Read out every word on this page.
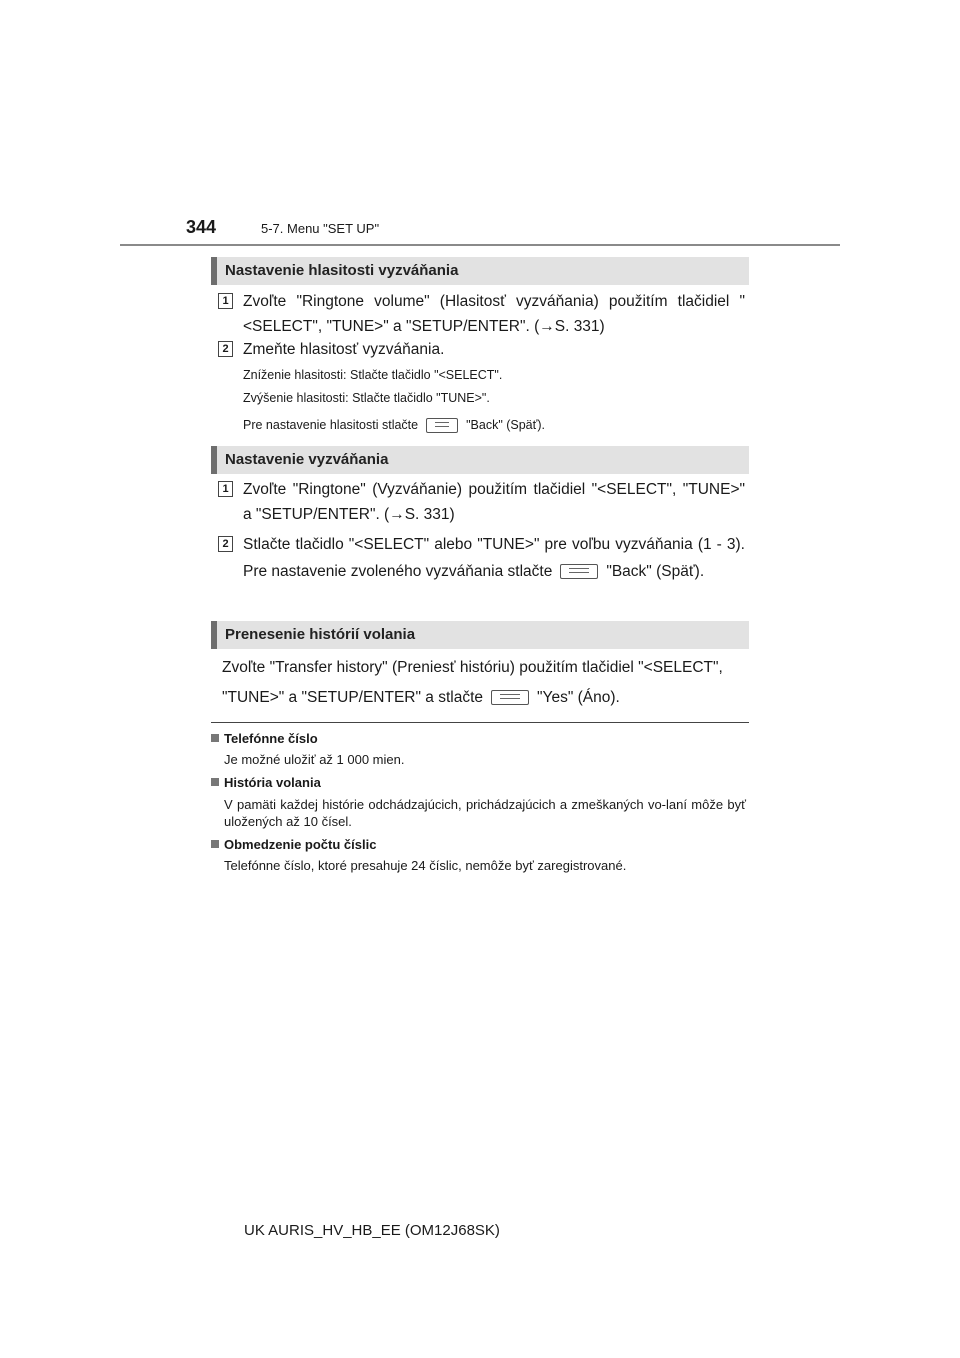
344	5-7. Menu "SET UP"
Nastavenie hlasitosti vyzváňania
1 Zvoľte "Ringtone volume" (Hlasitosť vyzváňania) použitím tlačidiel "<SELECT", "TUNE>" a "SETUP/ENTER". (→S. 331)
2 Zmeňte hlasitosť vyzváňania.
Zníženie hlasitosti: Stlačte tlačidlo "<SELECT".
Zvýšenie hlasitosti: Stlačte tlačidlo "TUNE>".
Pre nastavenie hlasitosti stlačte	"Back" (Späť).
Nastavenie vyzváňania
1 Zvoľte "Ringtone" (Vyzváňanie) použitím tlačidiel "<SELECT", "TUNE>" a "SETUP/ENTER". (→S. 331)
2 Stlačte tlačidlo "<SELECT" alebo "TUNE>" pre voľbu vyzváňania (1 - 3). Pre nastavenie zvoleného vyzváňania stlačte	"Back" (Späť).
Prenesenie histórií volania
Zvoľte "Transfer history" (Preniesť históriu) použitím tlačidiel "<SELECT", "TUNE>" a "SETUP/ENTER" a stlačte	"Yes" (Áno).
Telefónne číslo
Je možné uložiť až 1 000 mien.
História volania
V pamäti každej histórie odchádzajúcich, prichádzajúcich a zmeškaných vo-laní môže byť uložených až 10 čísel.
Obmedzenie počtu číslic
Telefónne číslo, ktoré presahuje 24 číslic, nemôže byť zaregistrované.
UK AURIS_HV_HB_EE (OM12J68SK)
